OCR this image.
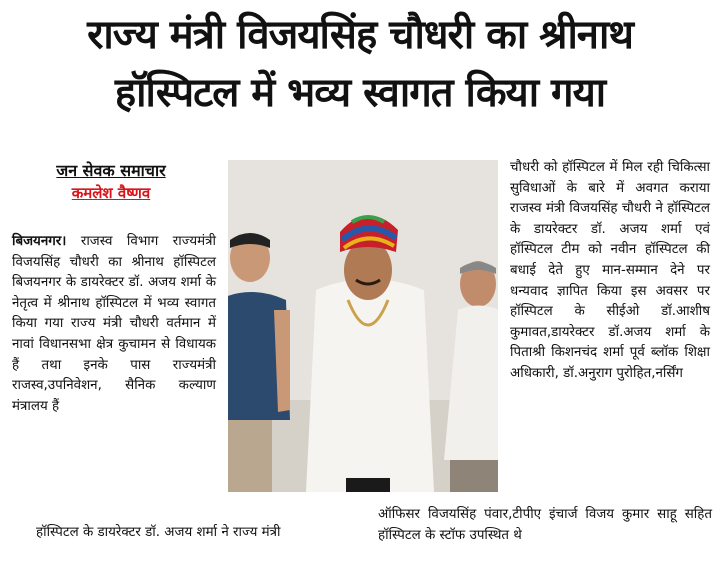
राज्य मंत्री विजयसिंह चौधरी का श्रीनाथ
हॉस्पिटल में भव्य स्वागत किया गया
जन सेवक समाचार
कमलेश वैष्णव
बिजयनगर। राजस्व विभाग राज्यमंत्री विजयसिंह चौधरी का श्रीनाथ हॉस्पिटल बिजयनगर के डायरेक्टर डॉ. अजय शर्मा के नेतृत्व में श्रीनाथ हॉस्पिटल में भव्य स्वागत किया गया राज्य मंत्री चौधरी वर्तमान में नावां विधानसभा क्षेत्र कुचामन से विधायक हैं तथा इनके पास राज्यमंत्री राजस्व,उपनिवेशन, सैनिक कल्याण मंत्रालय हैं
हॉस्पिटल के डायरेक्टर डॉ. अजय शर्मा ने राज्य मंत्री
चौधरी को हॉस्पिटल में मिल रही चिकित्सा सुविधाओं के बारे में अवगत कराया राजस्व मंत्री विजयसिंह चौधरी ने हॉस्पिटल के डायरेक्टर डॉ. अजय शर्मा एवं हॉस्पिटल टीम को नवीन हॉस्पिटल की बधाई देते हुए मान-सम्मान देने पर धन्यवाद ज्ञापित किया इस अवसर पर हॉस्पिटल के सीईओ डॉ.आशीष कुमावत,डायरेक्टर डॉ.अजय शर्मा के पिताश्री किशनचंद शर्मा पूर्व ब्लॉक शिक्षा अधिकारी, डॉ.अनुराग पुरोहित,नर्सिंग
ऑफिसर विजयसिंह पंवार,टीपीए इंचार्ज विजय कुमार साहू सहित हॉस्पिटल के स्टॉफ उपस्थित थे
